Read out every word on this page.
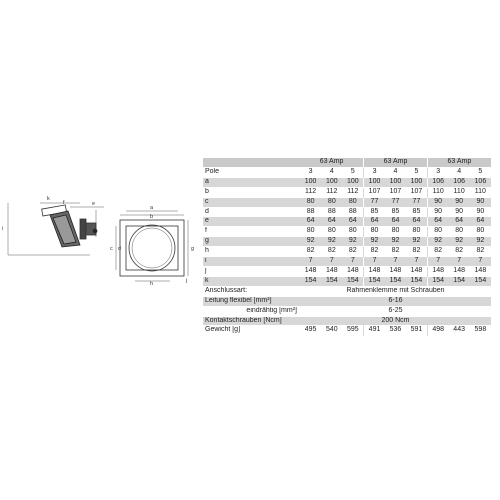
k
f	e
i
a
b
c d	g
h	j
	63 Amp			63 Amp			63 Amp		
Pole	3	4	5	3	4	5	3	4	5
a	100	100	100	100	100	100	106	106	106
b	112	112	112	107	107	107	110	110	110
c	80	80	80	77	77	77	90	90	90
d	88	88	88	85	85	85	90	90	90
e	64	64	64	64	64	64	64	64	64
f	80	80	80	80	80	80	80	80	80
g	92	92	92	92	92	92	92	92	92
h	82	82	82	82	82	82	82	82	82
i	7	7	7	7	7	7	7	7	7
j	148	148	148	148	148	148	148	148	148
k	154	154	154	154	154	154	154	154	154
Anschlussart:	Rahmenklemme mit Schrauben								
Leitung flexibel [mm²]	6-16								
eindrähtig [mm²]	6-25								
Kontaktschrauben [Ncm]	200 Ncm								
Gewicht [g]	495	540	595	491	536	591	498	443	598
